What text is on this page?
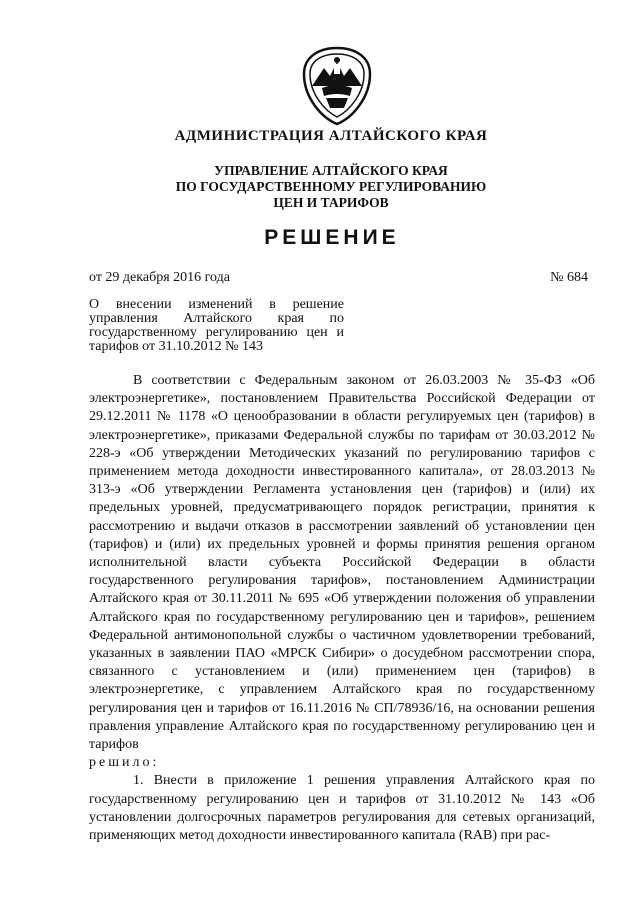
АДМИНИСТРАЦИЯ АЛТАЙСКОГО КРАЯ
УПРАВЛЕНИЕ АЛТАЙСКОГО КРАЯ
ПО ГОСУДАРСТВЕННОМУ РЕГУЛИРОВАНИЮ
ЦЕН И ТАРИФОВ
РЕШЕНИЕ
от 29 декабря 2016 года	№ 684
О внесении изменений в решение управления Алтайского края по государственному регулированию цен и тарифов от 31.10.2012 № 143

В соответствии с Федеральным законом от 26.03.2003 № 35-ФЗ «Об электроэнергетике», постановлением Правительства Российской Федерации от 29.12.2011 № 1178 «О ценообразовании в области регулируемых цен (тарифов) в электроэнергетике», приказами Федеральной службы по тарифам от 30.03.2012 № 228-э «Об утверждении Методических указаний по регулированию тарифов с применением метода доходности инвестированного капитала», от 28.03.2013 № 313-э «Об утверждении Регламента установления цен (тарифов) и (или) их предельных уровней, предусматривающего порядок регистрации, принятия к рассмотрению и выдачи отказов в рассмотрении заявлений об установлении цен (тарифов) и (или) их предельных уровней и формы принятия решения органом исполнительной власти субъекта Российской Федерации в области государственного регулирования тарифов», постановлением Администрации Алтайского края от 30.11.2011 № 695 «Об утверждении положения об управлении Алтайского края по государственному регулированию цен и тарифов», решением Федеральной антимонопольной службы о частичном удовлетворении требований, указанных в заявлении ПАО «МРСК Сибири» о досудебном рассмотрении спора, связанного с установлением и (или) применением цен (тарифов) в электроэнергетике, с управлением Алтайского края по государственному регулирования цен и тарифов от 16.11.2016 № СП/78936/16, на основании решения правления управление Алтайского края по государственному регулированию цен и тарифов

решило:

1. Внести в приложение 1 решения управления Алтайского края по государственному регулированию цен и тарифов от 31.10.2012 № 143 «Об установлении долгосрочных параметров регулирования для сетевых организаций, применяющих метод доходности инвестированного капитала (RAB) при рас-
